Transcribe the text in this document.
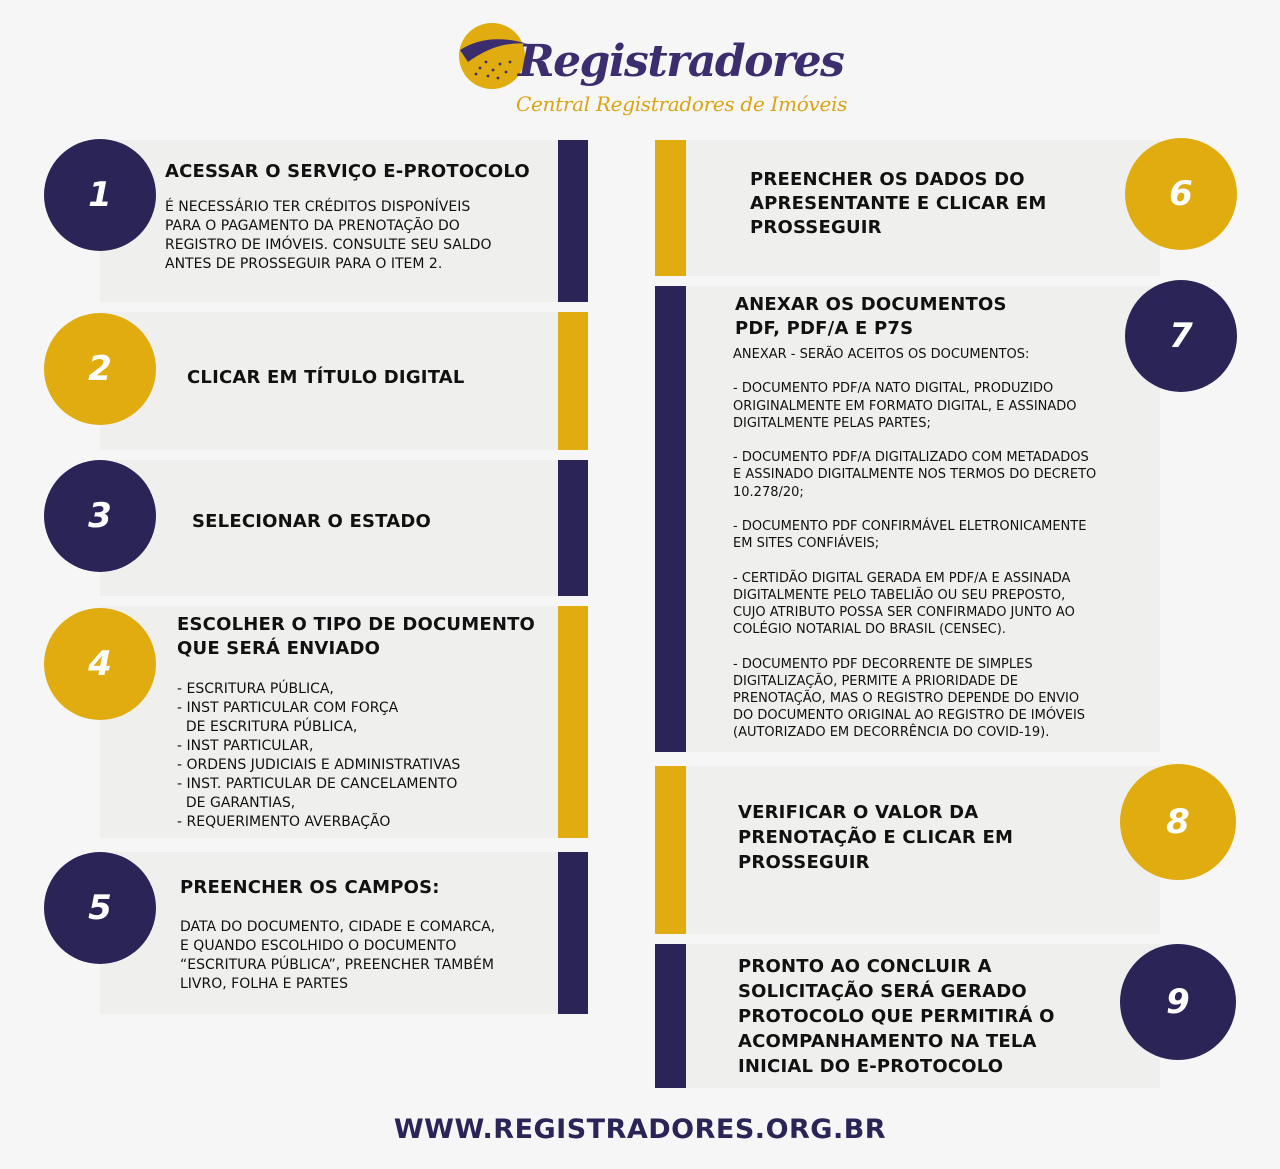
Registradores
Central Registradores de Imóveis
1
ACESSAR O SERVIÇO E-PROTOCOLO
É NECESSÁRIO TER CRÉDITOS DISPONÍVEIS
PARA O PAGAMENTO DA PRENOTAÇÃO DO
REGISTRO DE IMÓVEIS. CONSULTE SEU SALDO
ANTES DE PROSSEGUIR PARA O ITEM 2.
2	CLICAR EM TÍTULO DIGITAL
3	SELECIONAR O ESTADO
4
ESCOLHER O TIPO DE DOCUMENTO
QUE SERÁ ENVIADO
- ESCRITURA PÚBLICA,
- INST PARTICULAR COM FORÇA
DE ESCRITURA PÚBLICA,
- INST PARTICULAR,
- ORDENS JUDICIAIS E ADMINISTRATIVAS
- INST. PARTICULAR DE CANCELAMENTO
DE GARANTIAS,
- REQUERIMENTO AVERBAÇÃO
5
PREENCHER OS CAMPOS:
DATA DO DOCUMENTO, CIDADE E COMARCA,
E QUANDO ESCOLHIDO O DOCUMENTO
“ESCRITURA PÚBLICA”, PREENCHER TAMBÉM
LIVRO, FOLHA E PARTES
6
PREENCHER OS DADOS DO
APRESENTANTE E CLICAR EM
PROSSEGUIR
7
ANEXAR OS DOCUMENTOS
PDF, PDF/A E P7S
ANEXAR - SERÃO ACEITOS OS DOCUMENTOS:

- DOCUMENTO PDF/A NATO DIGITAL, PRODUZIDO
ORIGINALMENTE EM FORMATO DIGITAL, E ASSINADO
DIGITALMENTE PELAS PARTES;

- DOCUMENTO PDF/A DIGITALIZADO COM METADADOS
E ASSINADO DIGITALMENTE NOS TERMOS DO DECRETO
10.278/20;

- DOCUMENTO PDF CONFIRMÁVEL ELETRONICAMENTE
EM SITES CONFIÁVEIS;

- CERTIDÃO DIGITAL GERADA EM PDF/A E ASSINADA
DIGITALMENTE PELO TABELIÃO OU SEU PREPOSTO,
CUJO ATRIBUTO POSSA SER CONFIRMADO JUNTO AO
COLÉGIO NOTARIAL DO BRASIL (CENSEC).

- DOCUMENTO PDF DECORRENTE DE SIMPLES
DIGITALIZAÇÃO, PERMITE A PRIORIDADE DE
PRENOTAÇÃO, MAS O REGISTRO DEPENDE DO ENVIO
DO DOCUMENTO ORIGINAL AO REGISTRO DE IMÓVEIS
(AUTORIZADO EM DECORRÊNCIA DO COVID-19).
8
VERIFICAR O VALOR DA
PRENOTAÇÃO E CLICAR EM
PROSSEGUIR
9
PRONTO AO CONCLUIR A
SOLICITAÇÃO SERÁ GERADO
PROTOCOLO QUE PERMITIRÁ O
ACOMPANHAMENTO NA TELA
INICIAL DO E-PROTOCOLO
WWW.REGISTRADORES.ORG.BR
